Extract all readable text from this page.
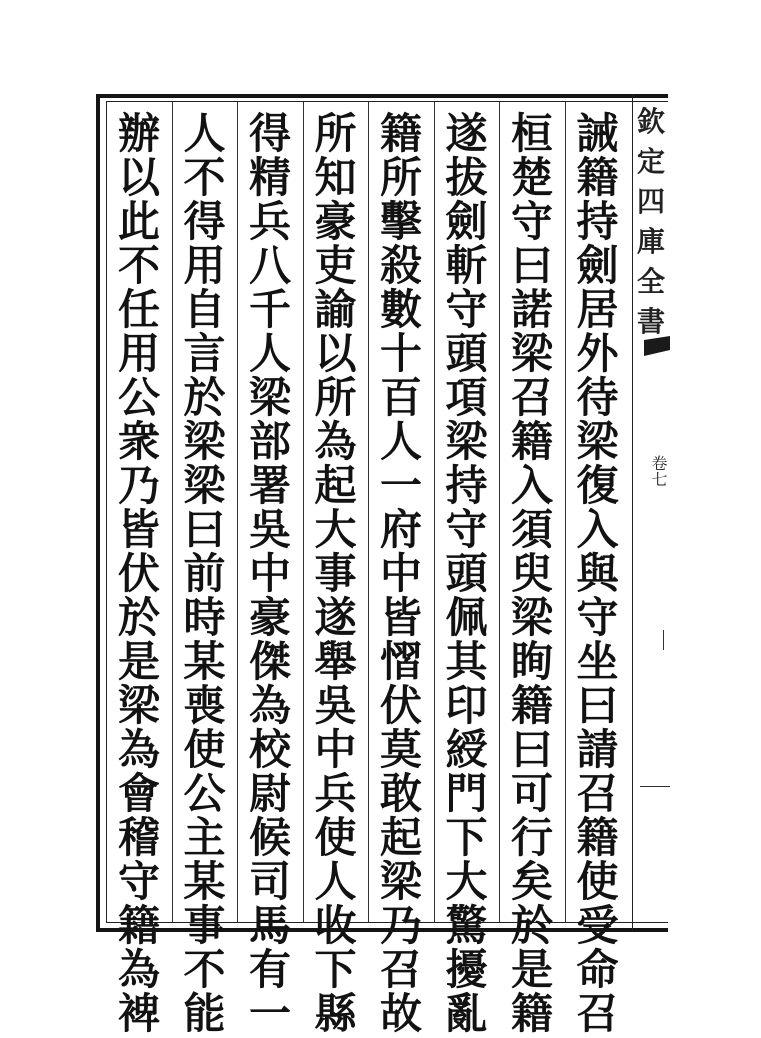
誡
籍
持
劍
居
外
待
梁
復
入
與
守
坐
曰
請
召
籍
使
受
命
召
桓
楚
守
曰
諾
梁
召
籍
入
須
臾
梁
眴
籍
曰
可
行
矣
於
是
籍
遂
拔
劍
斬
守
頭
項
梁
持
守
頭
佩
其
印
綬
門
下
大
驚
擾
亂
籍
所
擊
殺
數
十
百
人
一
府
中
皆
慴
伏
莫
敢
起
梁
乃
召
故
所
知
豪
吏
諭
以
所
為
起
大
事
遂
舉
吳
中
兵
使
人
收
下
縣
得
精
兵
八
千
人
梁
部
署
吳
中
豪
傑
為
校
尉
候
司
馬
有
一
人
不
得
用
自
言
於
梁
梁
曰
前
時
某
喪
使
公
主
某
事
不
能
辦
以
此
不
任
用
公
衆
乃
皆
伏
於
是
梁
為
會
稽
守
籍
為
裨
欽
定
四
庫
全
書
卷七
